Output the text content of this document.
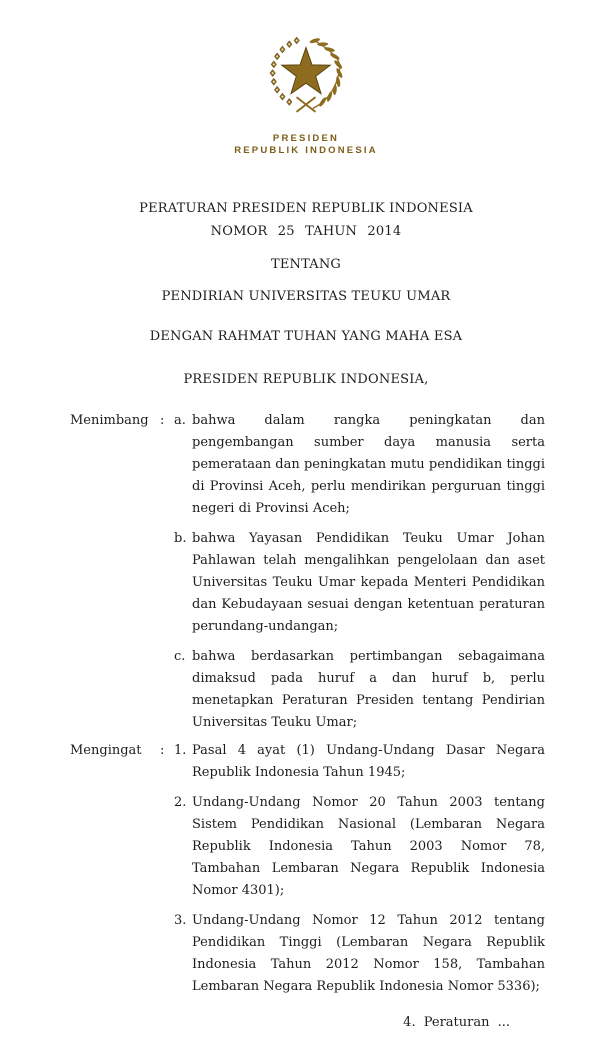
PRESIDEN
REPUBLIK INDONESIA
PERATURAN PRESIDEN REPUBLIK INDONESIA
NOMOR 25 TAHUN 2014
TENTANG
PENDIRIAN UNIVERSITAS TEUKU UMAR
DENGAN RAHMAT TUHAN YANG MAHA ESA
PRESIDEN REPUBLIK INDONESIA,
Menimbang : a. bahwa dalam rangka peningkatan dan pengembangan sumber daya manusia serta pemerataan dan peningkatan mutu pendidikan tinggi di Provinsi Aceh, perlu mendirikan perguruan tinggi negeri di Provinsi Aceh;
b. bahwa Yayasan Pendidikan Teuku Umar Johan Pahlawan telah mengalihkan pengelolaan dan aset Universitas Teuku Umar kepada Menteri Pendidikan dan Kebudayaan sesuai dengan ketentuan peraturan perundang-undangan;
c. bahwa berdasarkan pertimbangan sebagaimana dimaksud pada huruf a dan huruf b, perlu menetapkan Peraturan Presiden tentang Pendirian Universitas Teuku Umar;
Mengingat	: 1. Pasal 4 ayat (1) Undang-Undang Dasar Negara Republik Indonesia Tahun 1945;
2. Undang-Undang Nomor 20 Tahun 2003 tentang Sistem Pendidikan Nasional (Lembaran Negara Republik Indonesia Tahun 2003 Nomor 78, Tambahan Lembaran Negara Republik Indonesia Nomor 4301);
3. Undang-Undang Nomor 12 Tahun 2012 tentang Pendidikan Tinggi (Lembaran Negara Republik Indonesia Tahun 2012 Nomor 158, Tambahan Lembaran Negara Republik Indonesia Nomor 5336);
4. Peraturan ...
